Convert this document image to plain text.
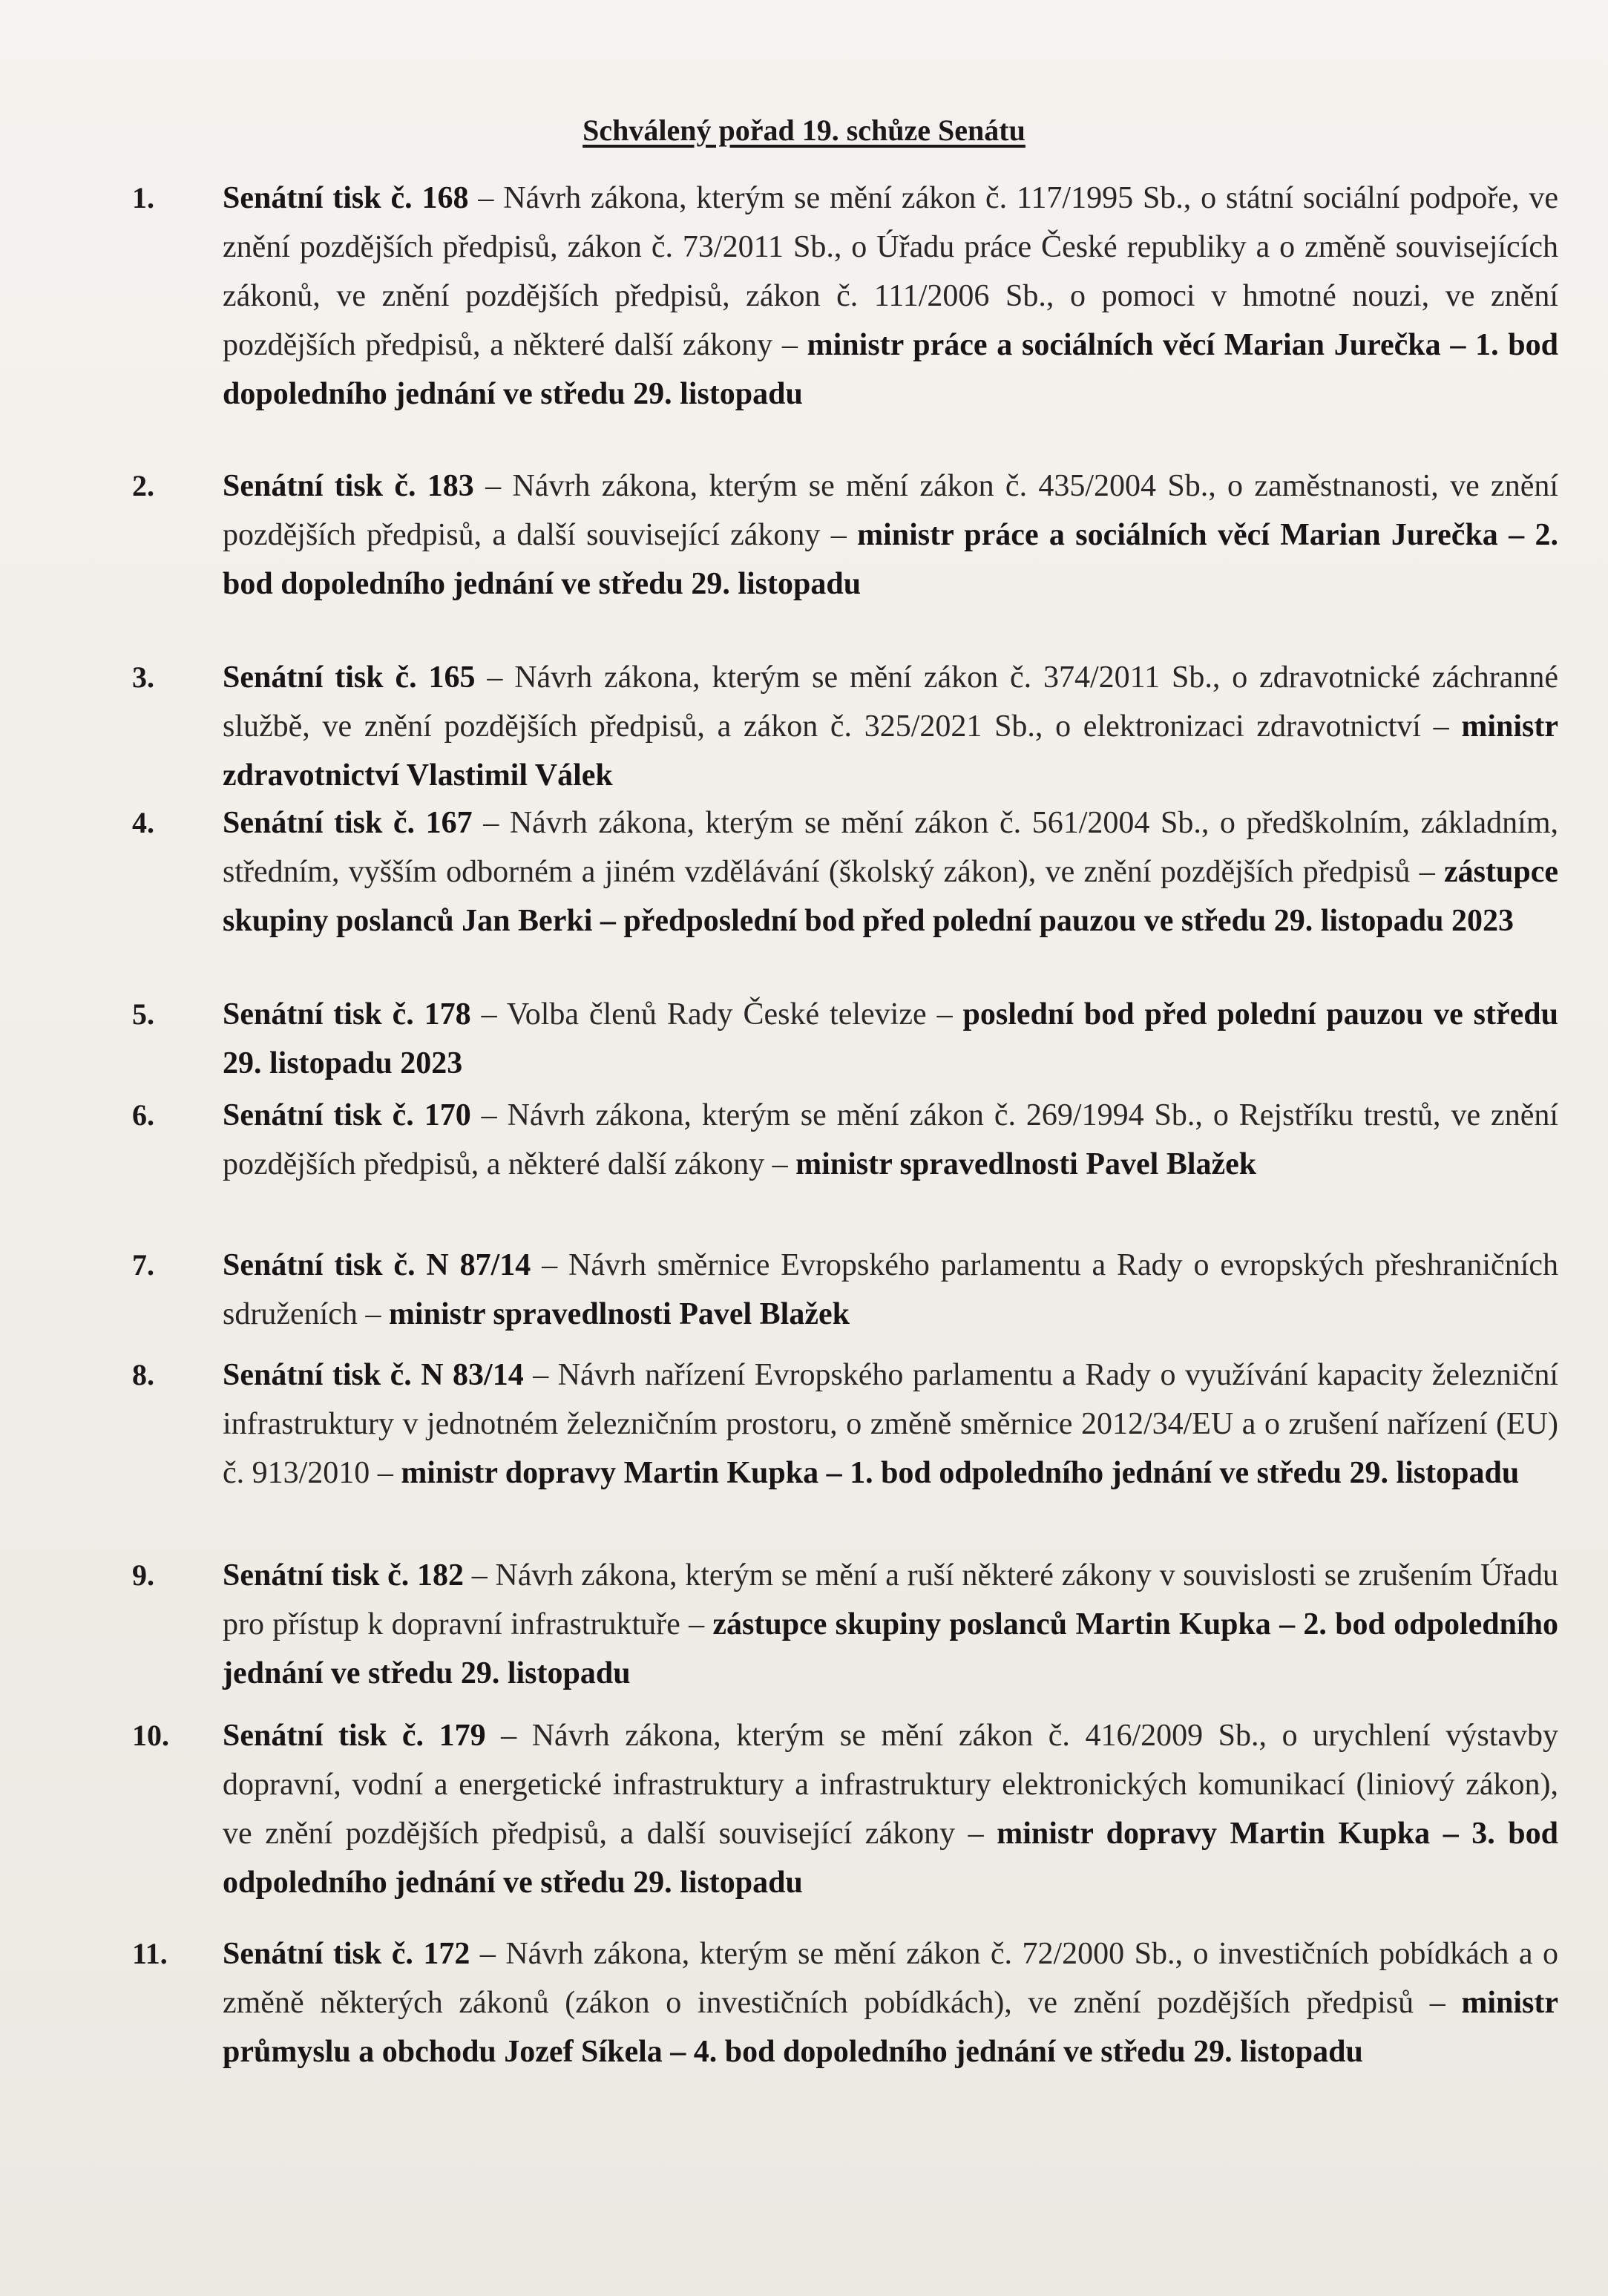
Schválený pořad 19. schůze Senátu
1.	Senátní tisk č. 168 – Návrh zákona, kterým se mění zákon č. 117/1995 Sb., o státní sociální podpoře, ve znění pozdějších předpisů, zákon č. 73/2011 Sb., o Úřadu práce České republiky a o změně souvisejících zákonů, ve znění pozdějších předpisů, zákon č. 111/2006 Sb., o pomoci v hmotné nouzi, ve znění pozdějších předpisů, a některé další zákony – ministr práce a sociálních věcí Marian Jurečka – 1. bod dopoledního jednání ve středu 29. listopadu
2.	Senátní tisk č. 183 – Návrh zákona, kterým se mění zákon č. 435/2004 Sb., o zaměstnanosti, ve znění pozdějších předpisů, a další související zákony – ministr práce a sociálních věcí Marian Jurečka – 2. bod dopoledního jednání ve středu 29. listopadu
3.	Senátní tisk č. 165 – Návrh zákona, kterým se mění zákon č. 374/2011 Sb., o zdravotnické záchranné službě, ve znění pozdějších předpisů, a zákon č. 325/2021 Sb., o elektronizaci zdravotnictví – ministr zdravotnictví Vlastimil Válek
4.	Senátní tisk č. 167 – Návrh zákona, kterým se mění zákon č. 561/2004 Sb., o předškolním, základním, středním, vyšším odborném a jiném vzdělávání (školský zákon), ve znění pozdějších předpisů – zástupce skupiny poslanců Jan Berki – předposlední bod před polední pauzou ve středu 29. listopadu 2023
5.	Senátní tisk č. 178 – Volba členů Rady České televize – poslední bod před polední pauzou ve středu 29. listopadu 2023
6.	Senátní tisk č. 170 – Návrh zákona, kterým se mění zákon č. 269/1994 Sb., o Rejstříku trestů, ve znění pozdějších předpisů, a některé další zákony – ministr spravedlnosti Pavel Blažek
7.	Senátní tisk č. N 87/14 – Návrh směrnice Evropského parlamentu a Rady o evropských přeshraničních sdruženích – ministr spravedlnosti Pavel Blažek
8.	Senátní tisk č. N 83/14 – Návrh nařízení Evropského parlamentu a Rady o využívání kapacity železniční infrastruktury v jednotném železničním prostoru, o změně směrnice 2012/34/EU a o zrušení nařízení (EU) č. 913/2010 – ministr dopravy Martin Kupka – 1. bod odpoledního jednání ve středu 29. listopadu
9.	Senátní tisk č. 182 – Návrh zákona, kterým se mění a ruší některé zákony v souvislosti se zrušením Úřadu pro přístup k dopravní infrastruktuře – zástupce skupiny poslanců Martin Kupka – 2. bod odpoledního jednání ve středu 29. listopadu
10.	Senátní tisk č. 179 – Návrh zákona, kterým se mění zákon č. 416/2009 Sb., o urychlení výstavby dopravní, vodní a energetické infrastruktury a infrastruktury elektronických komunikací (liniový zákon), ve znění pozdějších předpisů, a další související zákony – ministr dopravy Martin Kupka – 3. bod odpoledního jednání ve středu 29. listopadu
11.	Senátní tisk č. 172 – Návrh zákona, kterým se mění zákon č. 72/2000 Sb., o investičních pobídkách a o změně některých zákonů (zákon o investičních pobídkách), ve znění pozdějších předpisů – ministr průmyslu a obchodu Jozef Síkela – 4. bod dopoledního jednání ve středu 29. listopadu
